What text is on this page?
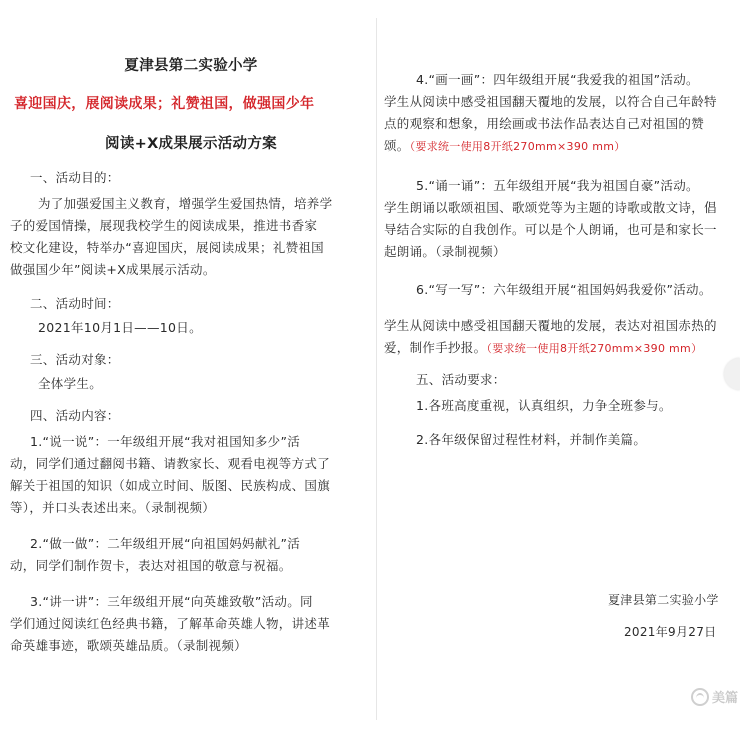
夏津县第二实验小学
喜迎国庆，展阅读成果；礼赞祖国，做强国少年
阅读+X成果展示活动方案
一、活动目的：
为了加强爱国主义教育，增强学生爱国热情，培养学
子的爱国情操，展现我校学生的阅读成果，推进书香家
校文化建设，特举办“喜迎国庆，展阅读成果；礼赞祖国
做强国少年”阅读+X成果展示活动。
二、活动时间：
2021年10月1日——10日。
三、活动对象：
全体学生。
四、活动内容：
1.“说一说”：一年级组开展“我对祖国知多少”活
动，同学们通过翻阅书籍、请教家长、观看电视等方式了
解关于祖国的知识（如成立时间、版图、民族构成、国旗
等），并口头表述出来。（录制视频）
2.“做一做”：二年级组开展“向祖国妈妈献礼”活
动，同学们制作贺卡，表达对祖国的敬意与祝福。
3.“讲一讲”：三年级组开展“向英雄致敬”活动。同
学们通过阅读红色经典书籍，了解革命英雄人物，讲述革
命英雄事迹，歌颂英雄品质。（录制视频）
4.“画一画”：四年级组开展“我爱我的祖国”活动。
学生从阅读中感受祖国翻天覆地的发展，以符合自己年龄特
点的观察和想象，用绘画或书法作品表达自己对祖国的赞
颂。（要求统一使用8开纸270mm×390 mm）
5.“诵一诵”：五年级组开展“我为祖国自豪”活动。
学生朗诵以歌颂祖国、歌颂党等为主题的诗歌或散文诗，倡
导结合实际的自我创作。可以是个人朗诵，也可是和家长一
起朗诵。（录制视频）
6.“写一写”：六年级组开展“祖国妈妈我爱你”活动。
学生从阅读中感受祖国翻天覆地的发展，表达对祖国赤热的
爱，制作手抄报。（要求统一使用8开纸270mm×390 mm）
五、活动要求：
1.各班高度重视，认真组织，力争全班参与。
2.各年级保留过程性材料，并制作美篇。
夏津县第二实验小学
2021年9月27日
美篇
